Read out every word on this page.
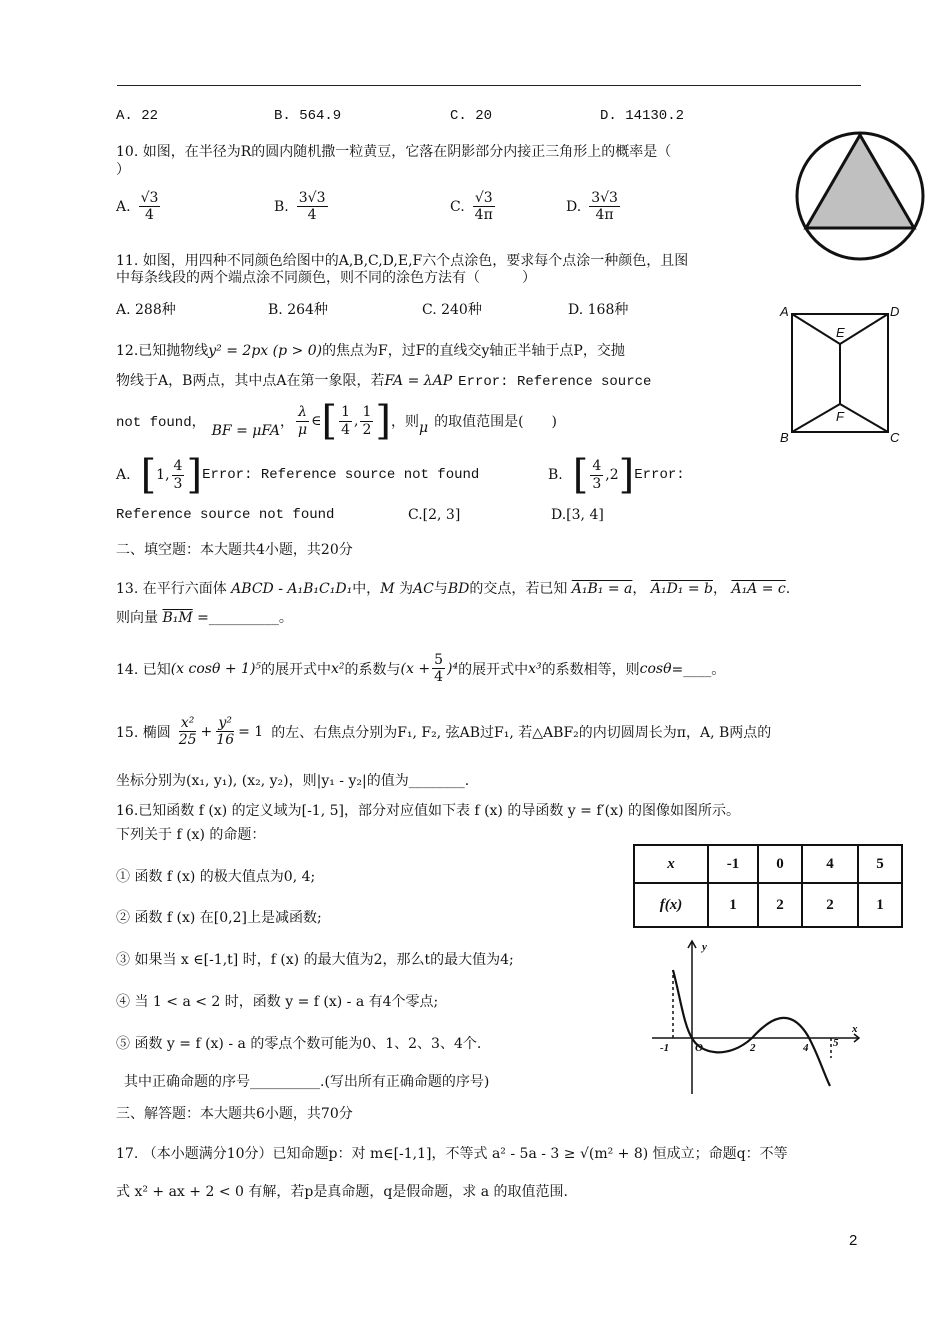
A. 22	B. 564.9	C. 20	D. 14130.2
10. 如图，在半径为R的圆内随机撒一粒黄豆，它落在阴影部分内接正三角形上的概率是（
）
A. $\frac{√3}{4}$	B. $\frac{3√3}{4}$	C. $\frac{√3}{4\pi}$	D. $\frac{3√3}{4\pi}$
11. 如图，用四种不同颜色给图中的A,B,C,D,E,F六个点涂色，要求每个点涂一种颜色，且图
中每条线段的两个端点涂不同颜色，则不同的涂色方法有（　　　）
A. 288种	B. 264种	C. 240种	D. 168种	A	D
B	C
E
F
12.已知抛物线y² = 2px (p > 0)的焦点为F，过F的直线交y轴正半轴于点P，交抛
物线于A，B两点，其中点A在第一象限，若FA = λAP Error: Reference source
not found， BF = μFA
， $\frac{\lambda}{\mu}$ ∈ [ $\frac{1}{4}$ , $\frac{1}{2}$ ] ，则 μ 的取值范围是(　　)
A. [ 1, $\frac{4}{3}$ ] Error: Reference source not found	B. [ $\frac{4}{3} ,2$ ] Error:
Reference source not found	C.[2, 3]	D.[3, 4]
二、填空题：本大题共4小题，共20分
13. 在平行六面体 ABCD - A₁B₁C₁D₁中，M 为AC与BD的交点，若已知 A₁B₁ = a， A₁D₁ = b， A₁A = c.
则向量 B₁M =__________。
14. 已知 (x cosθ + 1)⁵ 的展开式中 x² 的系数与 $(x + \frac{5}{4} )^4$ 的展开式中 x³ 的系数相等，则 cosθ =____。
15. 椭圆 $\frac{\text{x²}}{25} + \frac{\text{y²}}{16} = 1$ 的左、右焦点分别为F₁, F₂, 弦AB过F₁, 若△ABF₂的内切圆周长为π，A, B两点的
坐标分别为(x₁, y₁), (x₂, y₂)，则|y₁ - y₂|的值为________.
16.已知函数 f (x) 的定义域为[-1, 5]，部分对应值如下表 f (x) 的导函数 y = f′(x) 的图像如图所示。
下列关于 f (x) 的命题：
x	-1	0	4	5
f(x)	1	2	2	1
① 函数 f (x) 的极大值点为0, 4;
② 函数 f (x) 在[0,2]上是减函数;
③ 如果当 x ∈[-1,t] 时，f (x) 的最大值为2，那么t的最大值为4;
④ 当 1 < a < 2 时，函数 y = f (x) - a 有4个零点;
⑤ 函数 y = f (x) - a 的零点个数可能为0、1、2、3、4个.
其中正确命题的序号__________.(写出所有正确命题的序号)
y
x
O
-1	2	4 5
三、解答题：本大题共6小题，共70分
17. （本小题满分10分）已知命题p：对 m∈[-1,1]，不等式 a² - 5a - 3 ≥ √(m² + 8) 恒成立；命题q：不等
式 x² + ax + 2 < 0 有解，若p是真命题，q是假命题，求 a 的取值范围.
2
